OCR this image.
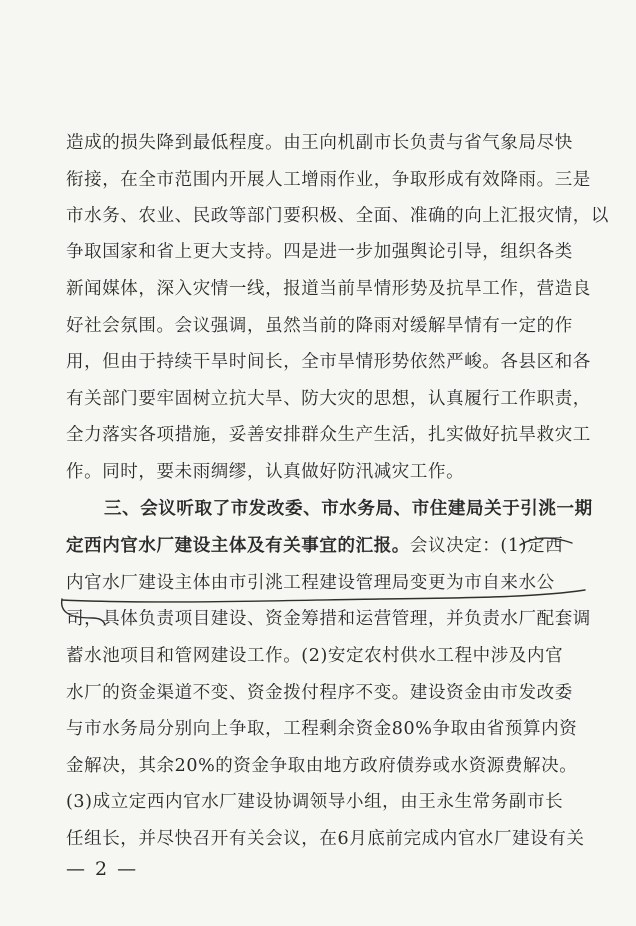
造成的损失降到最低程度。由王向机副市长负责与省气象局尽快
衔接，在全市范围内开展人工增雨作业，争取形成有效降雨。三是
市水务、农业、民政等部门要积极、全面、准确的向上汇报灾情，以
争取国家和省上更大支持。四是进一步加强舆论引导，组织各类
新闻媒体，深入灾情一线，报道当前旱情形势及抗旱工作，营造良
好社会氛围。会议强调，虽然当前的降雨对缓解旱情有一定的作
用，但由于持续干旱时间长，全市旱情形势依然严峻。各县区和各
有关部门要牢固树立抗大旱、防大灾的思想，认真履行工作职责，
全力落实各项措施，妥善安排群众生产生活，扎实做好抗旱救灾工
作。同时，要未雨绸缪，认真做好防汛减灾工作。
三、会议听取了市发改委、市水务局、市住建局关于引洮一期
定西内官水厂建设主体及有关事宜的汇报。会议决定：(1)定西
内官水厂建设主体由市引洮工程建设管理局变更为市自来水公
司，具体负责项目建设、资金筹措和运营管理，并负责水厂配套调
蓄水池项目和管网建设工作。(2)安定农村供水工程中涉及内官
水厂的资金渠道不变、资金拨付程序不变。建设资金由市发改委
与市水务局分别向上争取，工程剩余资金80%争取由省预算内资
金解决，其余20%的资金争取由地方政府债券或水资源费解决。
(3)成立定西内官水厂建设协调领导小组，由王永生常务副市长
任组长，并尽快召开有关会议，在6月底前完成内官水厂建设有关
— 2 —
